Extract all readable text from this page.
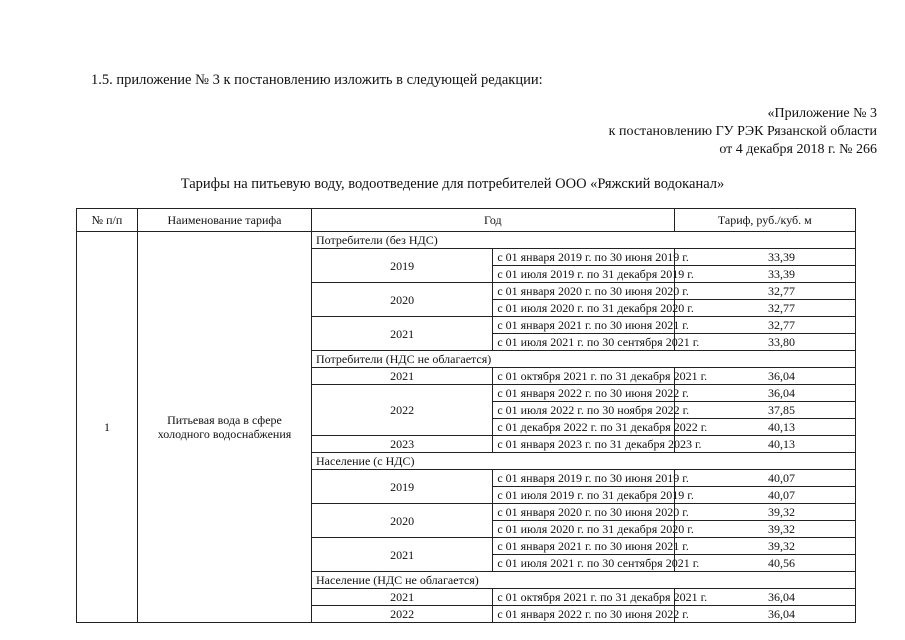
1.5. приложение № 3 к постановлению изложить в следующей редакции:
«Приложение № 3
к постановлению ГУ РЭК Рязанской области
от 4 декабря 2018 г. № 266
Тарифы на питьевую воду, водоотведение для потребителей ООО «Ряжский водоканал»
№ п/п	Наименование тарифа	Год		Тариф, руб./куб. м
1	Питьевая вода в сфере холодного водоснабжения	Потребители (без НДС)		
		2019	с 01 января 2019 г. по 30 июня 2019 г.	33,39
			с 01 июля 2019 г. по 31 декабря 2019 г.	33,39
		2020	с 01 января 2020 г. по 30 июня 2020 г.	32,77
			с 01 июля 2020 г. по 31 декабря 2020 г.	32,77
		2021	с 01 января 2021 г. по 30 июня 2021 г.	32,77
			с 01 июля 2021 г. по 30 сентября 2021 г.	33,80
		Потребители (НДС не облагается)		
		2021	с 01 октября 2021 г. по 31 декабря 2021 г.	36,04
		2022	с 01 января 2022 г. по 30 июня 2022 г.	36,04
			с 01 июля 2022 г. по 30 ноября 2022 г.	37,85
			с 01 декабря 2022 г. по 31 декабря 2022 г.	40,13
		2023	с 01 января 2023 г. по 31 декабря 2023 г.	40,13
		Население (с НДС)		
		2019	с 01 января 2019 г. по 30 июня 2019 г.	40,07
			с 01 июля 2019 г. по 31 декабря 2019 г.	40,07
		2020	с 01 января 2020 г. по 30 июня 2020 г.	39,32
			с 01 июля 2020 г. по 31 декабря 2020 г.	39,32
		2021	с 01 января 2021 г. по 30 июня 2021 г.	39,32
			с 01 июля 2021 г. по 30 сентября 2021 г.	40,56
		Население (НДС не облагается)		
		2021	с 01 октября 2021 г. по 31 декабря 2021 г.	36,04
		2022	с 01 января 2022 г. по 30 июня 2022 г.	36,04
